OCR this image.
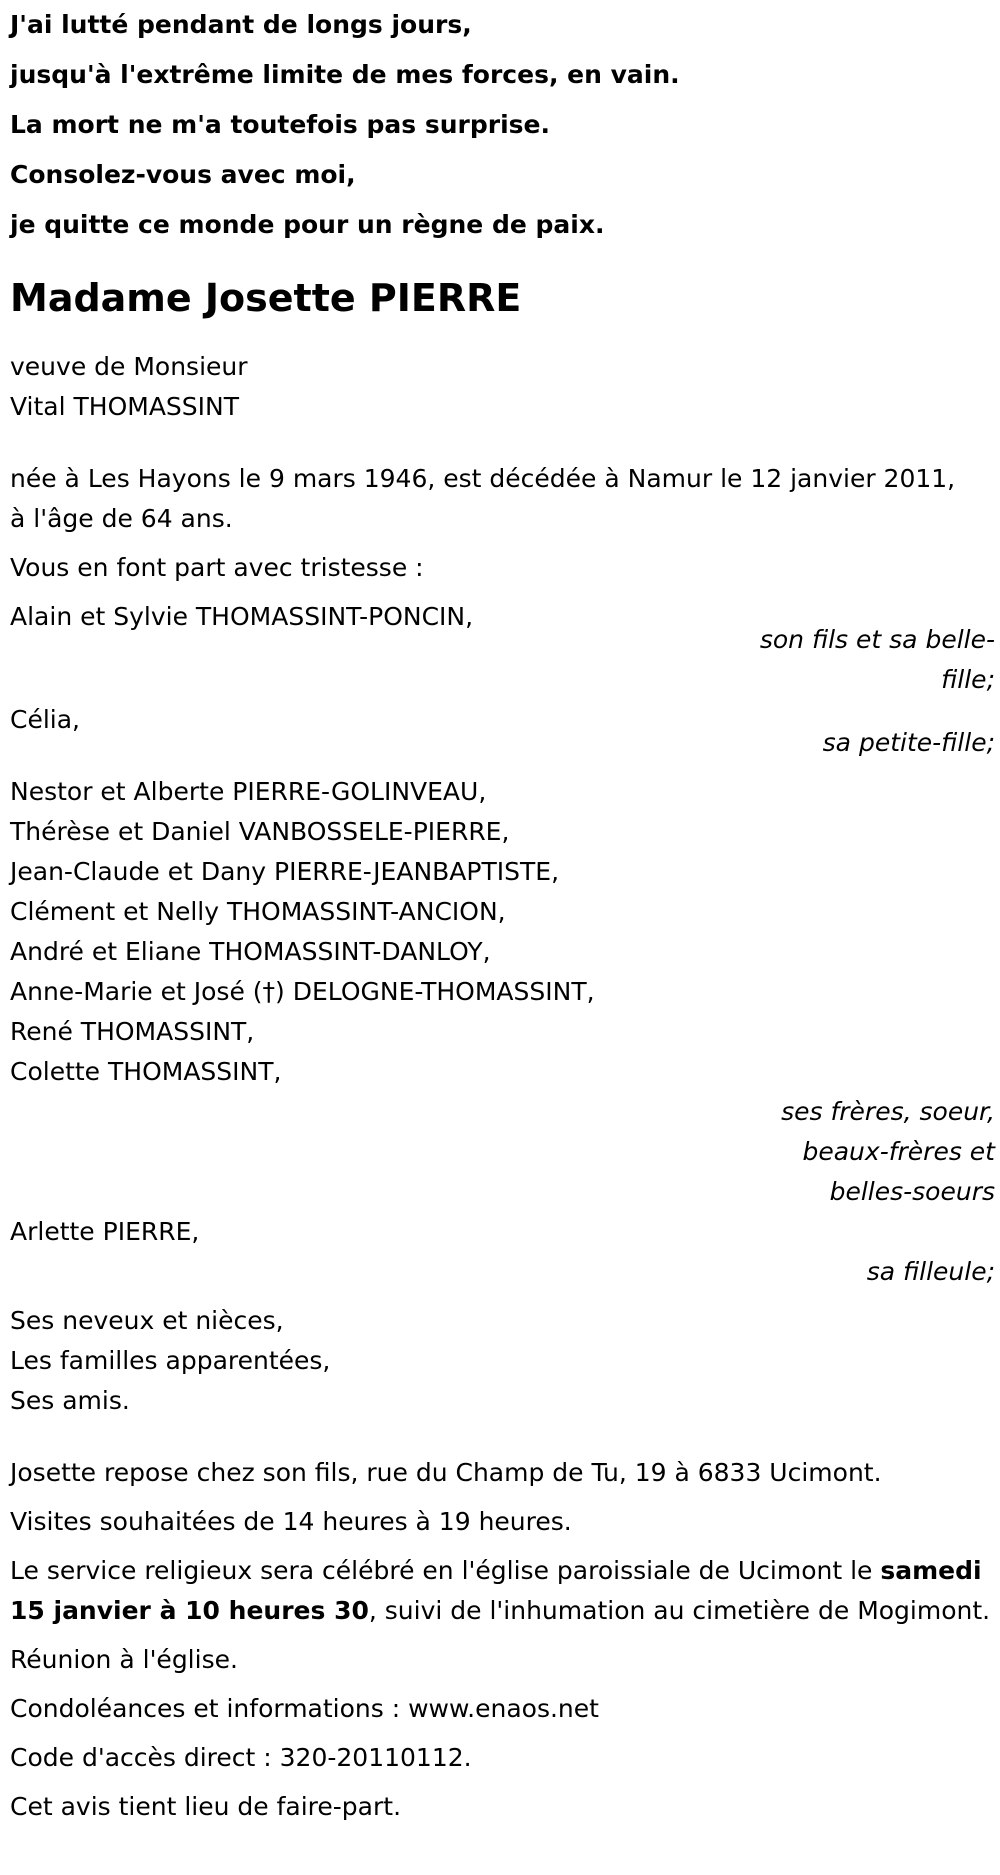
J'ai lutté pendant de longs jours,
jusqu'à l'extrême limite de mes forces, en vain.
La mort ne m'a toutefois pas surprise.
Consolez-vous avec moi,
je quitte ce monde pour un règne de paix.
Madame Josette PIERRE
veuve de Monsieur
Vital THOMASSINT
née à Les Hayons le 9 mars 1946, est décédée à Namur le 12 janvier 2011,
à l'âge de 64 ans.
Vous en font part avec tristesse :
Alain et Sylvie THOMASSINT-PONCIN,
son fils et sa belle-
fille;
Célia,
sa petite-fille;
Nestor et Alberte PIERRE-GOLINVEAU,
Thérèse et Daniel VANBOSSELE-PIERRE,
Jean-Claude et Dany PIERRE-JEANBAPTISTE,
Clément et Nelly THOMASSINT-ANCION,
André et Eliane THOMASSINT-DANLOY,
Anne-Marie et José (†) DELOGNE-THOMASSINT,
René THOMASSINT,
Colette THOMASSINT,
ses frères, soeur,
beaux-frères et
belles-soeurs
Arlette PIERRE,
sa filleule;
Ses neveux et nièces,
Les familles apparentées,
Ses amis.
Josette repose chez son fils, rue du Champ de Tu, 19 à 6833 Ucimont.
Visites souhaitées de 14 heures à 19 heures.
Le service religieux sera célébré en l'église paroissiale de Ucimont le samedi 15 janvier à 10 heures 30, suivi de l'inhumation au cimetière de Mogimont.
Réunion à l'église.
Condoléances et informations : www.enaos.net
Code d'accès direct : 320-20110112.
Cet avis tient lieu de faire-part.
